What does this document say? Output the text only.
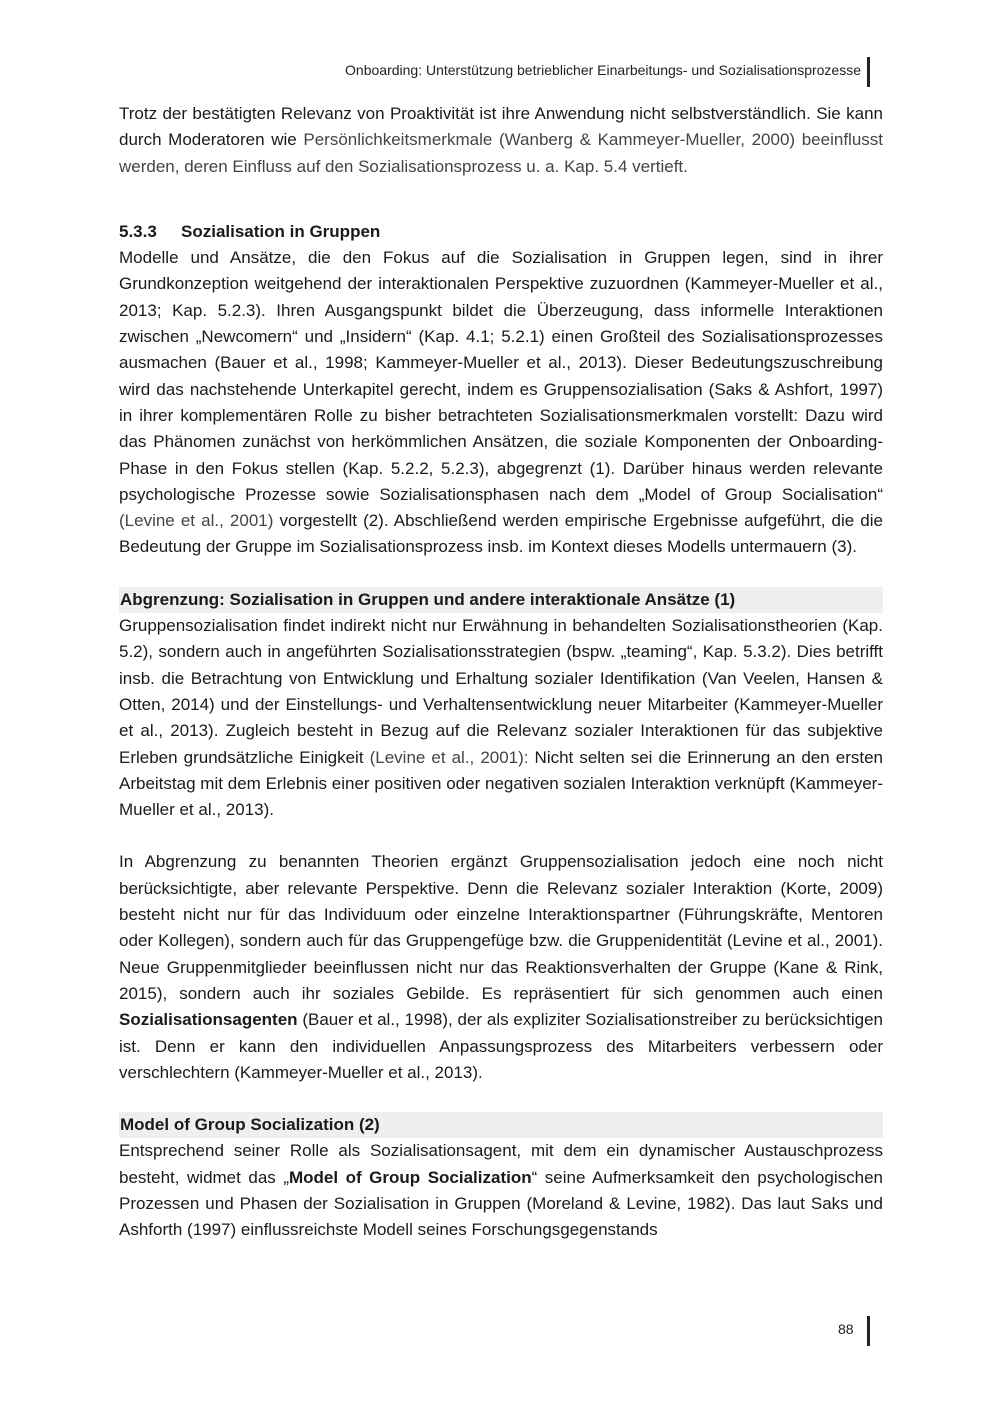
Onboarding: Unterstützung betrieblicher Einarbeitungs- und Sozialisationsprozesse

Trotz der bestätigten Relevanz von Proaktivität ist ihre Anwendung nicht selbstverständlich. Sie kann durch Moderatoren wie Persönlichkeitsmerkmale (Wanberg & Kammeyer-Mueller, 2000) beeinflusst werden, deren Einfluss auf den Sozialisationsprozess u. a. Kap. 5.4 vertieft.

5.3.3 Sozialisation in Gruppen

Modelle und Ansätze, die den Fokus auf die Sozialisation in Gruppen legen, sind in ihrer Grundkonzeption weitgehend der interaktionalen Perspektive zuzuordnen (Kammeyer-Mueller et al., 2013; Kap. 5.2.3). Ihren Ausgangspunkt bildet die Überzeugung, dass informelle Interaktionen zwischen „Newcomern“ und „Insidern“ (Kap. 4.1; 5.2.1) einen Großteil des Sozialisationsprozesses ausmachen (Bauer et al., 1998; Kammeyer-Mueller et al., 2013). Dieser Bedeutungszuschreibung wird das nachstehende Unterkapitel gerecht, indem es Gruppensozialisation (Saks & Ashfort, 1997) in ihrer komplementären Rolle zu bisher betrachteten Sozialisationsmerkmalen vorstellt: Dazu wird das Phänomen zunächst von herkömmlichen Ansätzen, die soziale Komponenten der Onboarding-Phase in den Fokus stellen (Kap. 5.2.2, 5.2.3), abgegrenzt (1). Darüber hinaus werden relevante psychologische Prozesse sowie Sozialisationsphasen nach dem „Model of Group Socialisation“ (Levine et al., 2001) vorgestellt (2). Abschließend werden empirische Ergebnisse aufgeführt, die die Bedeutung der Gruppe im Sozialisationsprozess insb. im Kontext dieses Modells untermauern (3).

Abgrenzung: Sozialisation in Gruppen und andere interaktionale Ansätze (1)

Gruppensozialisation findet indirekt nicht nur Erwähnung in behandelten Sozialisationstheorien (Kap. 5.2), sondern auch in angeführten Sozialisationsstrategien (bspw. „teaming“, Kap. 5.3.2). Dies betrifft insb. die Betrachtung von Entwicklung und Erhaltung sozialer Identifikation (Van Veelen, Hansen & Otten, 2014) und der Einstellungs- und Verhaltensentwicklung neuer Mitarbeiter (Kammeyer-Mueller et al., 2013). Zugleich besteht in Bezug auf die Relevanz sozialer Interaktionen für das subjektive Erleben grundsätzliche Einigkeit (Levine et al., 2001): Nicht selten sei die Erinnerung an den ersten Arbeitstag mit dem Erlebnis einer positiven oder negativen sozialen Interaktion verknüpft (Kammeyer-Mueller et al., 2013).

In Abgrenzung zu benannten Theorien ergänzt Gruppensozialisation jedoch eine noch nicht berücksichtigte, aber relevante Perspektive. Denn die Relevanz sozialer Interaktion (Korte, 2009) besteht nicht nur für das Individuum oder einzelne Interaktionspartner (Führungskräfte, Mentoren oder Kollegen), sondern auch für das Gruppengefüge bzw. die Gruppenidentität (Levine et al., 2001). Neue Gruppenmitglieder beeinflussen nicht nur das Reaktionsverhalten der Gruppe (Kane & Rink, 2015), sondern auch ihr soziales Gebilde. Es repräsentiert für sich genommen auch einen Sozialisationsagenten (Bauer et al., 1998), der als expliziter Sozialisationstreiber zu berücksichtigen ist. Denn er kann den individuellen Anpassungsprozess des Mitarbeiters verbessern oder verschlechtern (Kammeyer-Mueller et al., 2013).

Model of Group Socialization (2)

Entsprechend seiner Rolle als Sozialisationsagent, mit dem ein dynamischer Austauschprozess besteht, widmet das „Model of Group Socialization“ seine Aufmerksamkeit den psychologischen Prozessen und Phasen der Sozialisation in Gruppen (Moreland & Levine, 1982). Das laut Saks und Ashforth (1997) einflussreichste Modell seines Forschungsgegenstands

88
